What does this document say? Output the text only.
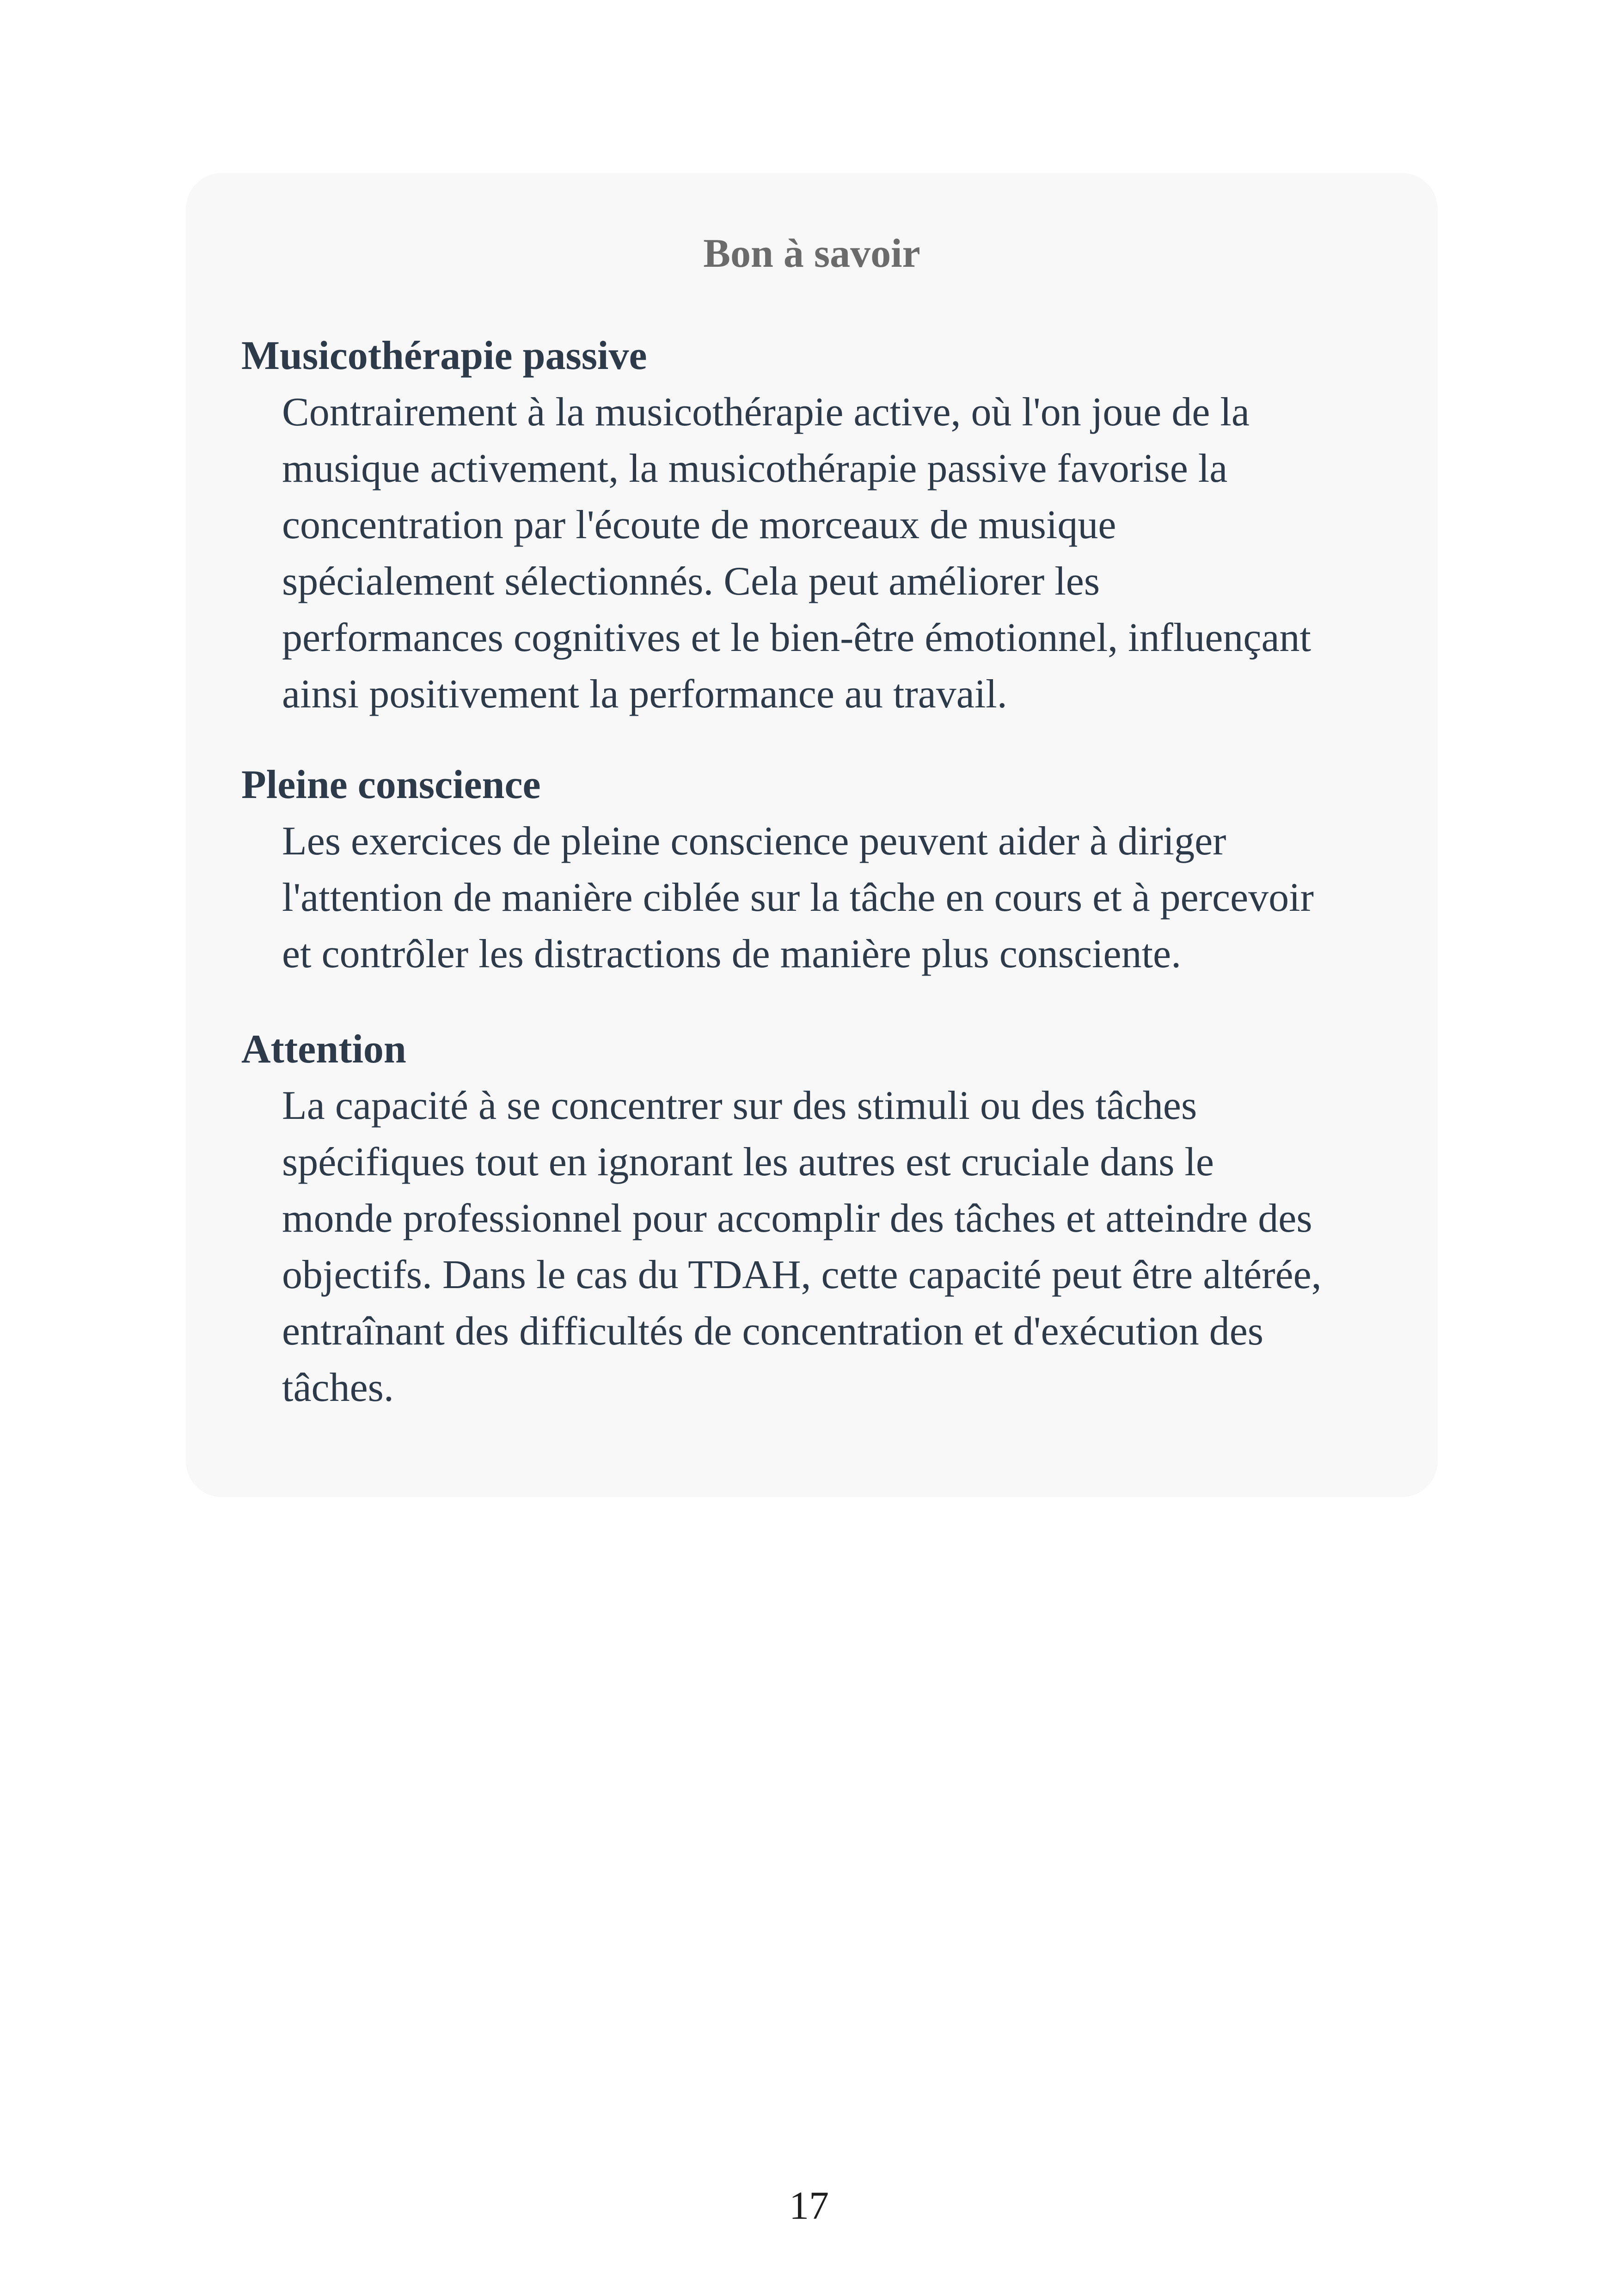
Bon à savoir

Musicothérapie passive

Contrairement à la musicothérapie active, où l'on joue de la
musique activement, la musicothérapie passive favorise la
concentration par l'écoute de morceaux de musique
spécialement sélectionnés. Cela peut améliorer les
performances cognitives et le bien-être émotionnel, influençant
ainsi positivement la performance au travail.

Pleine conscience

Les exercices de pleine conscience peuvent aider à diriger
l'attention de manière ciblée sur la tâche en cours et à percevoir
et contrôler les distractions de manière plus consciente.

Attention

La capacité à se concentrer sur des stimuli ou des tâches
spécifiques tout en ignorant les autres est cruciale dans le
monde professionnel pour accomplir des tâches et atteindre des
objectifs. Dans le cas du TDAH, cette capacité peut être altérée,
entraînant des difficultés de concentration et d'exécution des
tâches.

17
